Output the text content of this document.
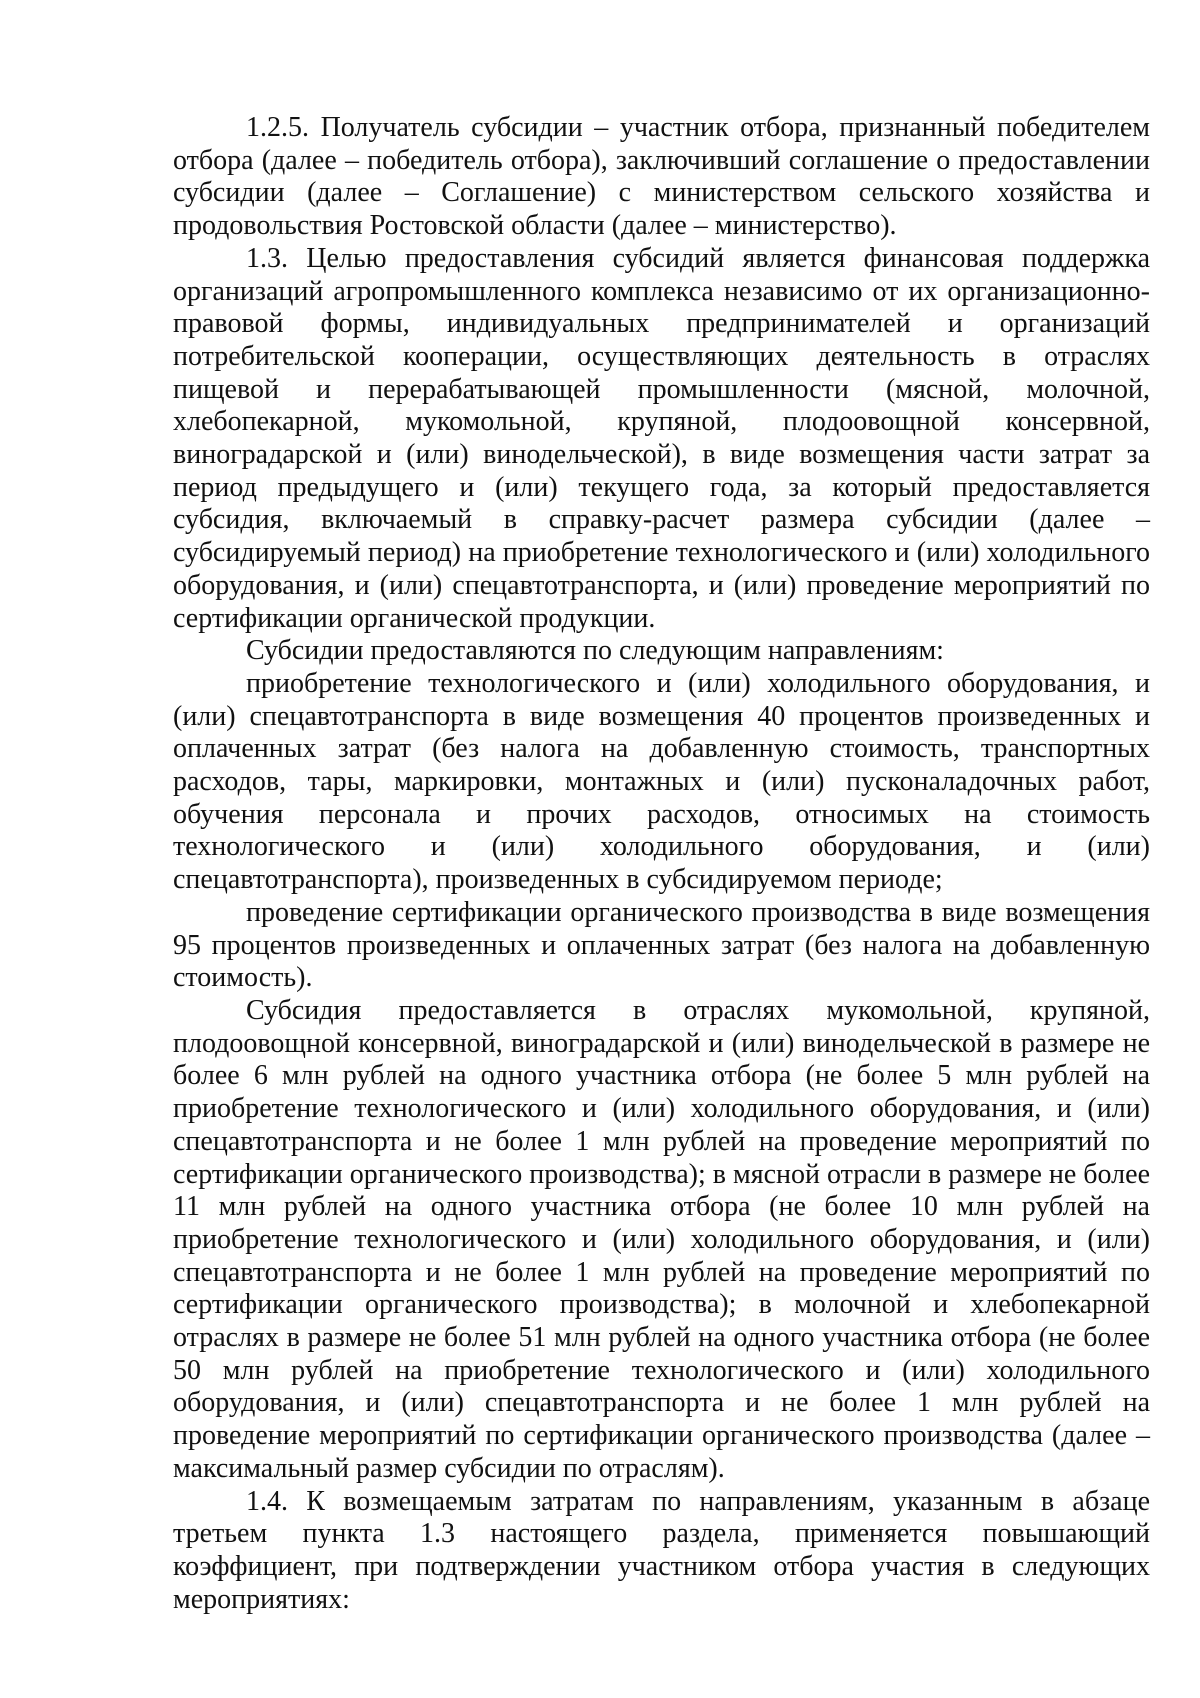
1.2.5. Получатель субсидии – участник отбора, признанный победителем отбора (далее – победитель отбора), заключивший соглашение о предоставлении субсидии (далее – Соглашение) с министерством сельского хозяйства и продовольствия Ростовской области (далее – министерство).

1.3. Целью предоставления субсидий является финансовая поддержка организаций агропромышленного комплекса независимо от их организационно-правовой формы, индивидуальных предпринимателей и организаций потребительской кооперации, осуществляющих деятельность в отраслях пищевой и перерабатывающей промышленности (мясной, молочной, хлебопекарной, мукомольной, крупяной, плодоовощной консервной, виноградарской и (или) винодельческой), в виде возмещения части затрат за период предыдущего и (или) текущего года, за который предоставляется субсидия, включаемый в справку-расчет размера субсидии (далее – субсидируемый период) на приобретение технологического и (или) холодильного оборудования, и (или) спецавтотранспорта, и (или) проведение мероприятий по сертификации органической продукции.

Субсидии предоставляются по следующим направлениям:

приобретение технологического и (или) холодильного оборудования, и (или) спецавтотранспорта в виде возмещения 40 процентов произведенных и оплаченных затрат (без налога на добавленную стоимость, транспортных расходов, тары, маркировки, монтажных и (или) пусконаладочных работ, обучения персонала и прочих расходов, относимых на стоимость технологического и (или) холодильного оборудования, и (или) спецавтотранспорта), произведенных в субсидируемом периоде;

проведение сертификации органического производства в виде возмещения 95 процентов произведенных и оплаченных затрат (без налога на добавленную стоимость).

Субсидия предоставляется в отраслях мукомольной, крупяной, плодоовощной консервной, виноградарской и (или) винодельческой в размере не более 6 млн рублей на одного участника отбора (не более 5 млн рублей на приобретение технологического и (или) холодильного оборудования, и (или) спецавтотранспорта и не более 1 млн рублей на проведение мероприятий по сертификации органического производства); в мясной отрасли в размере не более 11 млн рублей на одного участника отбора (не более 10 млн рублей на приобретение технологического и (или) холодильного оборудования, и (или) спецавтотранспорта и не более 1 млн рублей на проведение мероприятий по сертификации органического производства); в молочной и хлебопекарной отраслях в размере не более 51 млн рублей на одного участника отбора (не более 50 млн рублей на приобретение технологического и (или) холодильного оборудования, и (или) спецавтотранспорта и не более 1 млн рублей на проведение мероприятий по сертификации органического производства (далее – максимальный размер субсидии по отраслям).

1.4. К возмещаемым затратам по направлениям, указанным в абзаце третьем пункта 1.3 настоящего раздела, применяется повышающий коэффициент, при подтверждении участником отбора участия в следующих мероприятиях:
